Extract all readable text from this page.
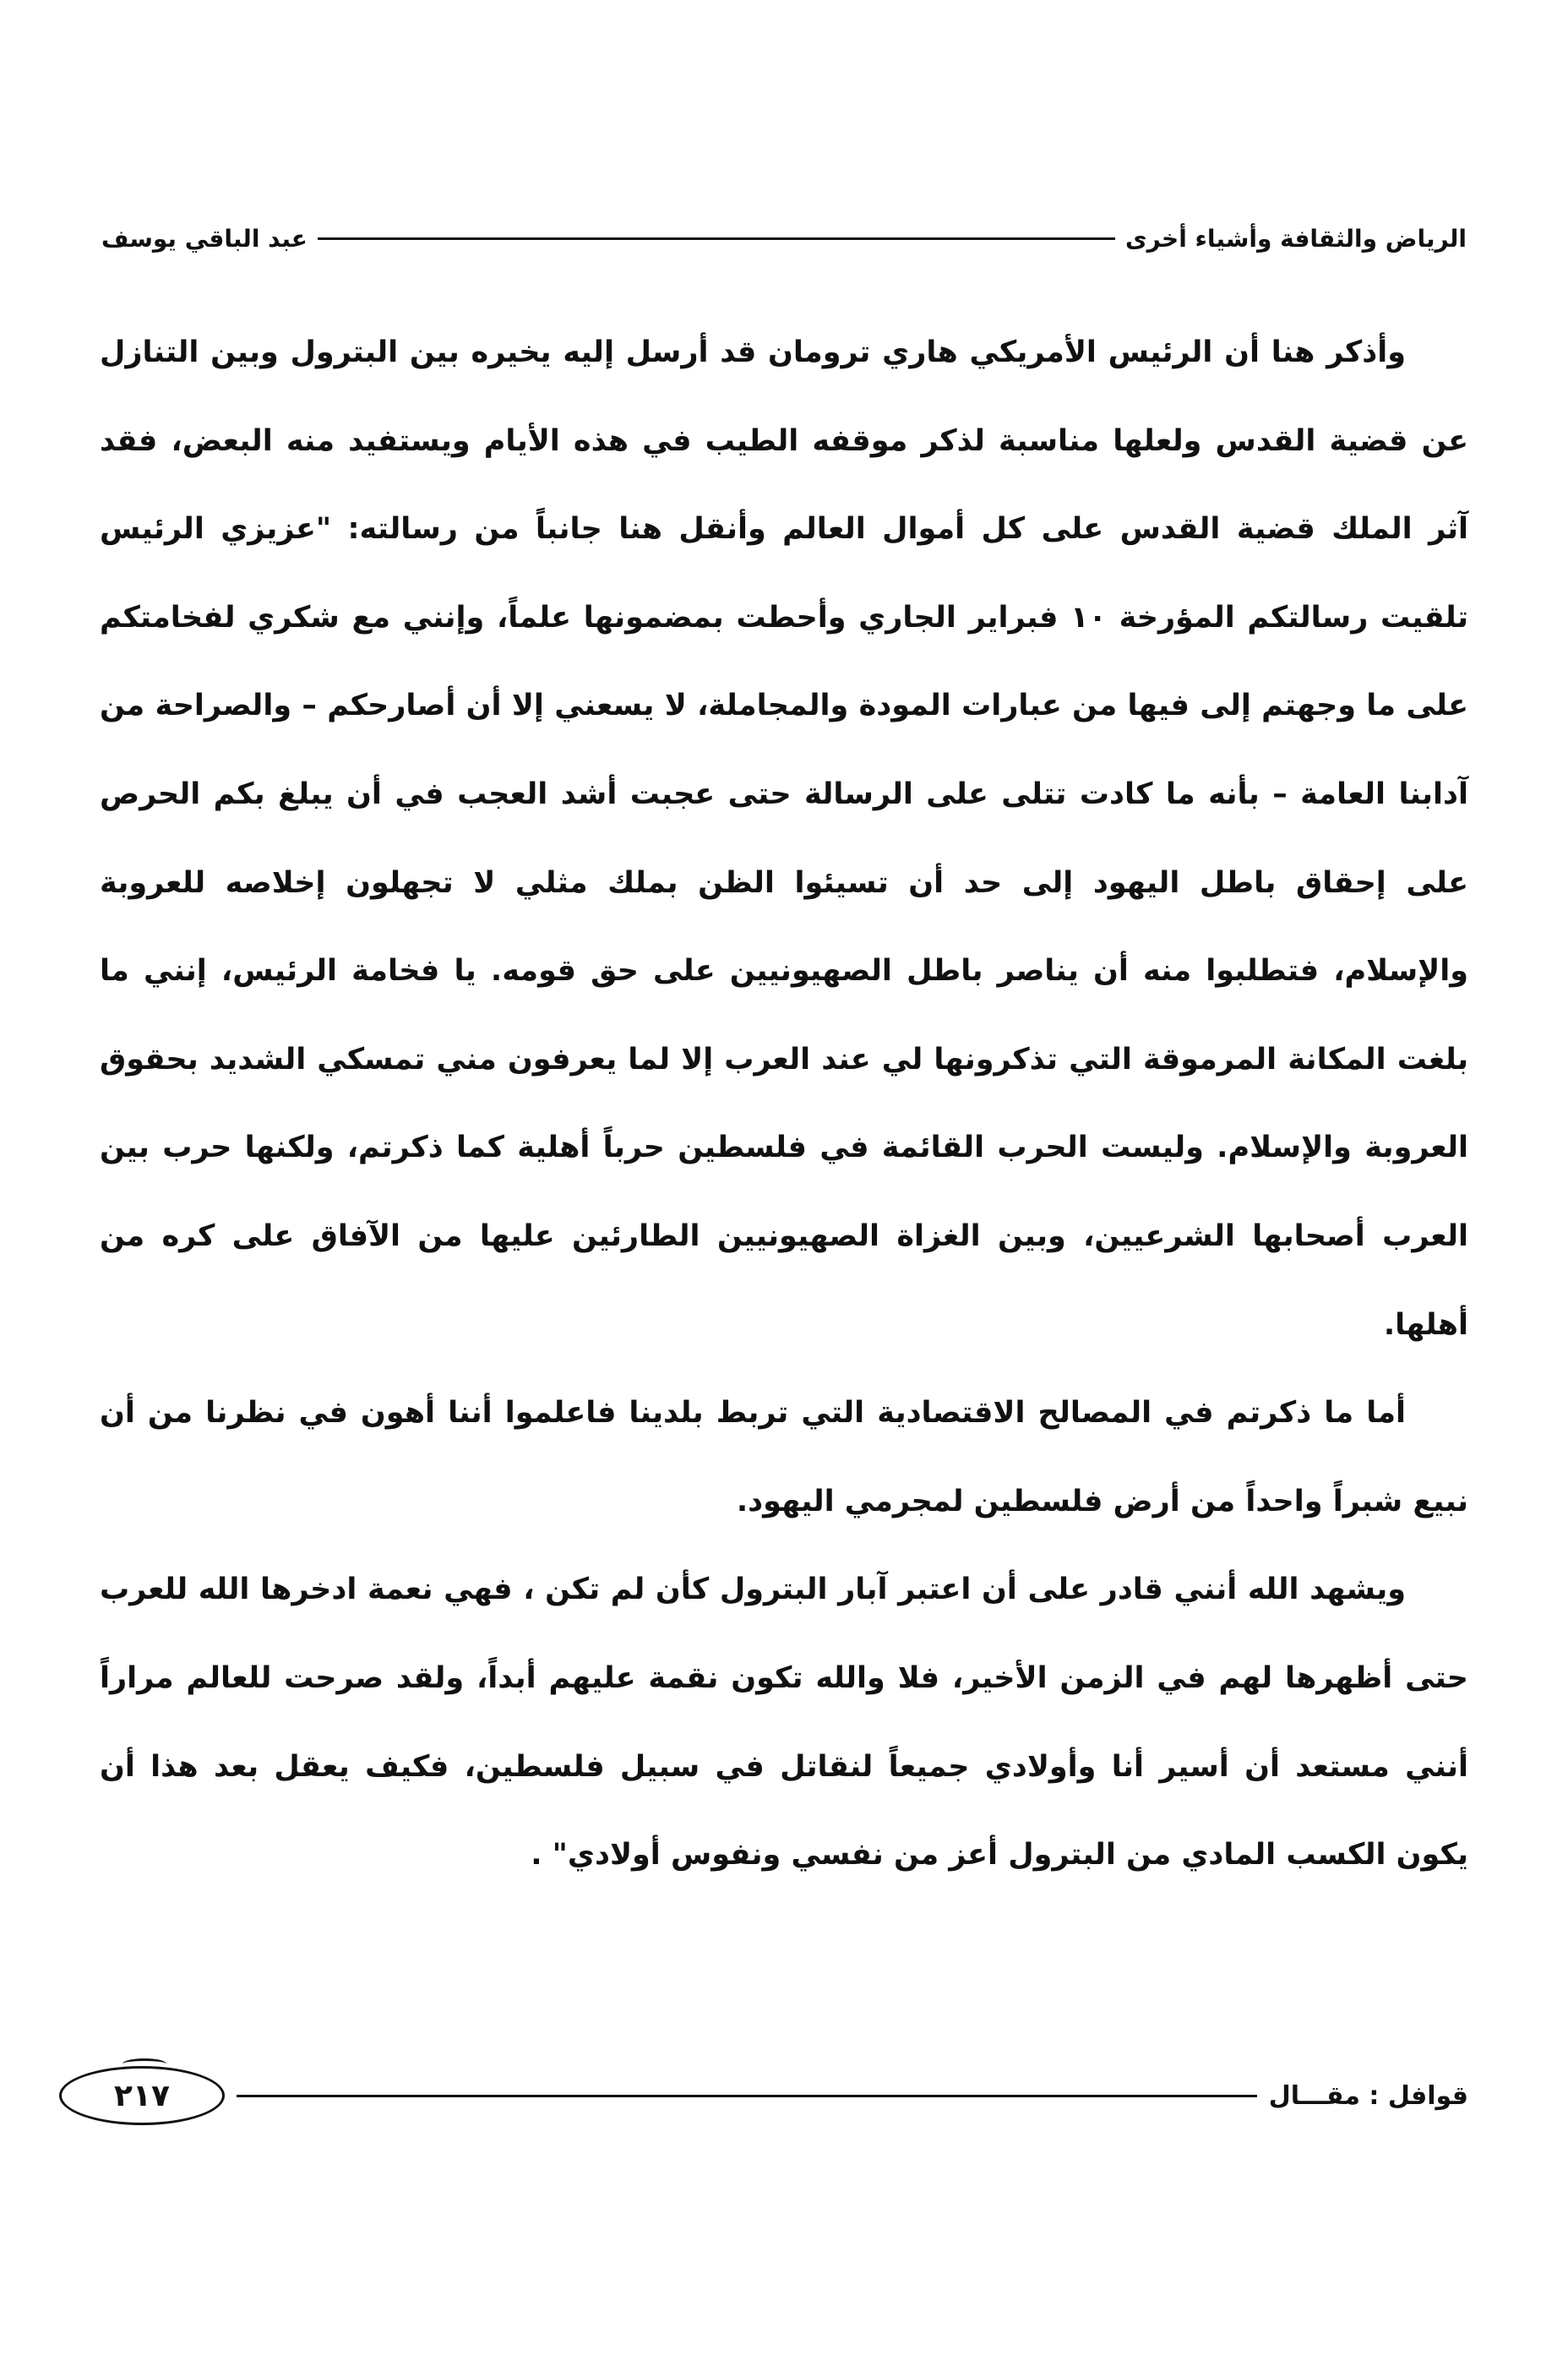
الرياض والثقافة وأشياء أخرى
عبد الباقي يوسف

وأذكر هنا أن الرئيس الأمريكي هاري ترومان قد أرسل إليه يخيره بين البترول وبين التنازل عن قضية القدس ولعلها مناسبة لذكر موقفه الطيب في هذه الأيام ويستفيد منه البعض، فقد آثر الملك قضية القدس على كل أموال العالم وأنقل هنا جانباً من رسالته: "عزيزي الرئيس تلقيت رسالتكم المؤرخة ١٠ فبراير الجاري وأحطت بمضمونها علماً، وإنني مع شكري لفخامتكم على ما وجهتم إلى فيها من عبارات المودة والمجاملة، لا يسعني إلا أن أصارحكم – والصراحة من آدابنا العامة – بأنه ما كادت تتلى على الرسالة حتى عجبت أشد العجب في أن يبلغ بكم الحرص على إحقاق باطل اليهود إلى حد أن تسيئوا الظن بملك مثلي لا تجهلون إخلاصه للعروبة والإسلام، فتطلبوا منه أن يناصر باطل الصهيونيين على حق قومه. يا فخامة الرئيس، إنني ما بلغت المكانة المرموقة التي تذكرونها لي عند العرب إلا لما يعرفون مني تمسكي الشديد بحقوق العروبة والإسلام. وليست الحرب القائمة في فلسطين حرباً أهلية كما ذكرتم، ولكنها حرب بين العرب أصحابها الشرعيين، وبين الغزاة الصهيونيين الطارئين عليها من الآفاق على كره من أهلها.

أما ما ذكرتم في المصالح الاقتصادية التي تربط بلدينا فاعلموا أننا أهون في نظرنا من أن نبيع شبراً واحداً من أرض فلسطين لمجرمي اليهود.

ويشهد الله أنني قادر على أن اعتبر آبار البترول كأن لم تكن ، فهي نعمة ادخرها الله للعرب حتى أظهرها لهم في الزمن الأخير، فلا والله تكون نقمة عليهم أبداً، ولقد صرحت للعالم مراراً أنني مستعد أن أسير أنا وأولادي جميعاً لنقاتل في سبيل فلسطين، فكيف يعقل بعد هذا أن يكون الكسب المادي من البترول أعز من نفسي ونفوس أولادي" .

قوافل : مقـــال
٢١٧
